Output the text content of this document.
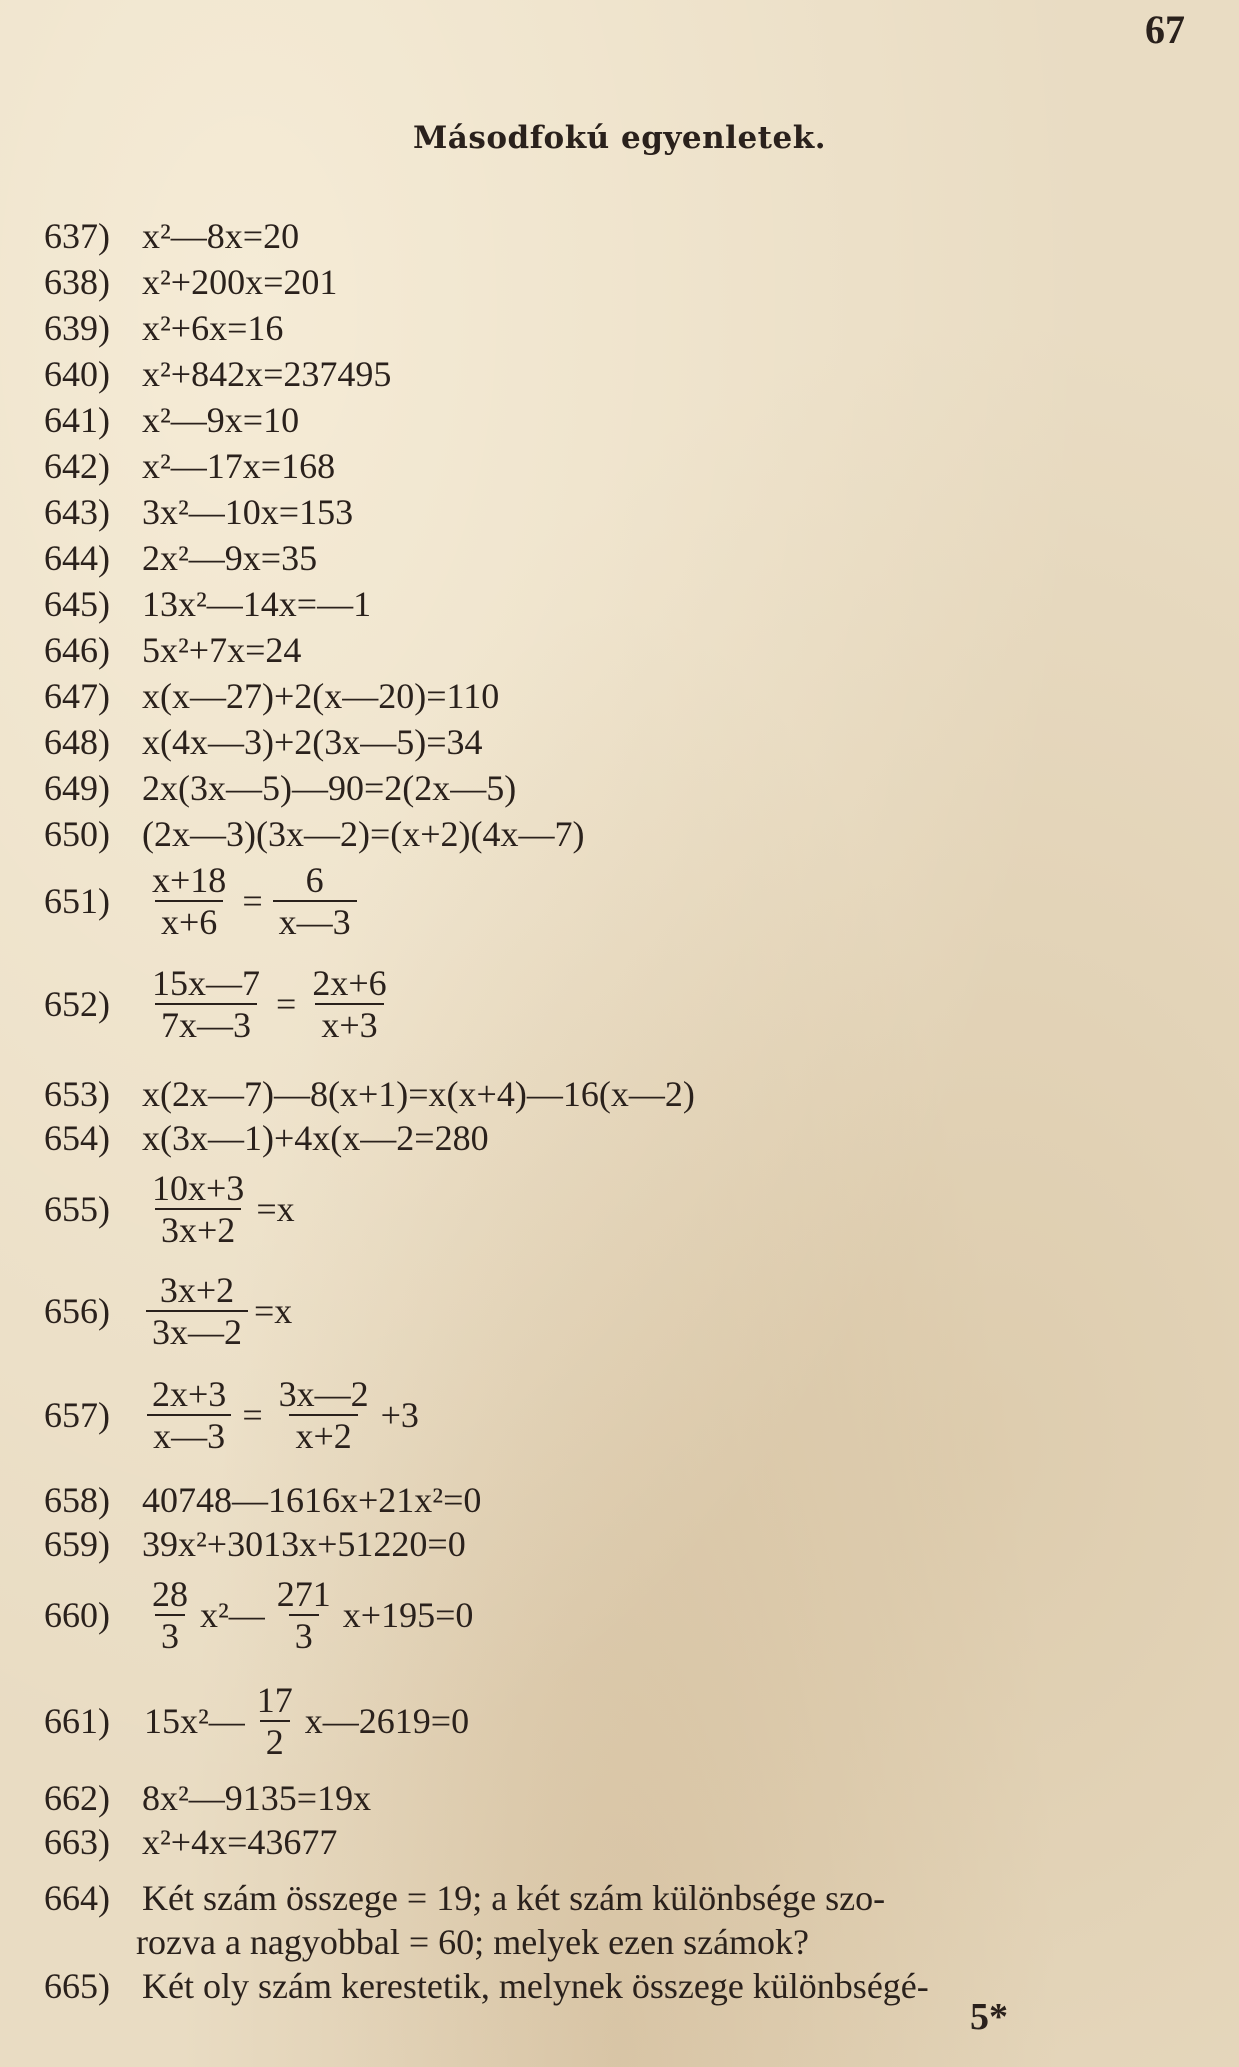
67
Másodfokú egyenletek.
637) x²—8x=20
638) x²+200x=201
639) x²+6x=16
640) x²+842x=237495
641) x²—9x=10
642) x²—17x=168
643) 3x²—10x=153
644) 2x²—9x=35
645) 13x²—14x=—1
646) 5x²+7x=24
647) x(x—27)+2(x—20)=110
648) x(4x—3)+2(3x—5)=34
649) 2x(3x—5)—90=2(2x—5)
650) (2x—3)(3x—2)=(x+2)(4x—7)
651)	$\frac{x+18}{x+6} = \frac{6}{x—3}$
652)	$\frac{15x—7}{7x—3} = \frac{2x+6}{x+3}$
653) x(2x—7)—8(x+1)=x(x+4)—16(x—2)
654) x(3x—1)+4x(x—2=280
655)	$\frac{10x+3}{3x+2} =x$
656)	$\frac{3x+2}{3x—2} =x$
657)	$\frac{2x+3}{x—3} = \frac{3x—2}{x+2} +3$
658) 40748—1616x+21x²=0
659) 39x²+3013x+51220=0
660)	$\frac{28}{3}$ x²— $\frac{271}{3} x+195=0$
661) 15x²— $\frac{17}{2}$ x—2619=0
662) 8x²—9135=19x
663) x²+4x=43677
664) Két szám összege = 19; a két szám különbsége szo-
rozva a nagyobbal = 60; melyek ezen számok?
665) Két oly szám kerestetik, melynek összege különbségé-
5*
